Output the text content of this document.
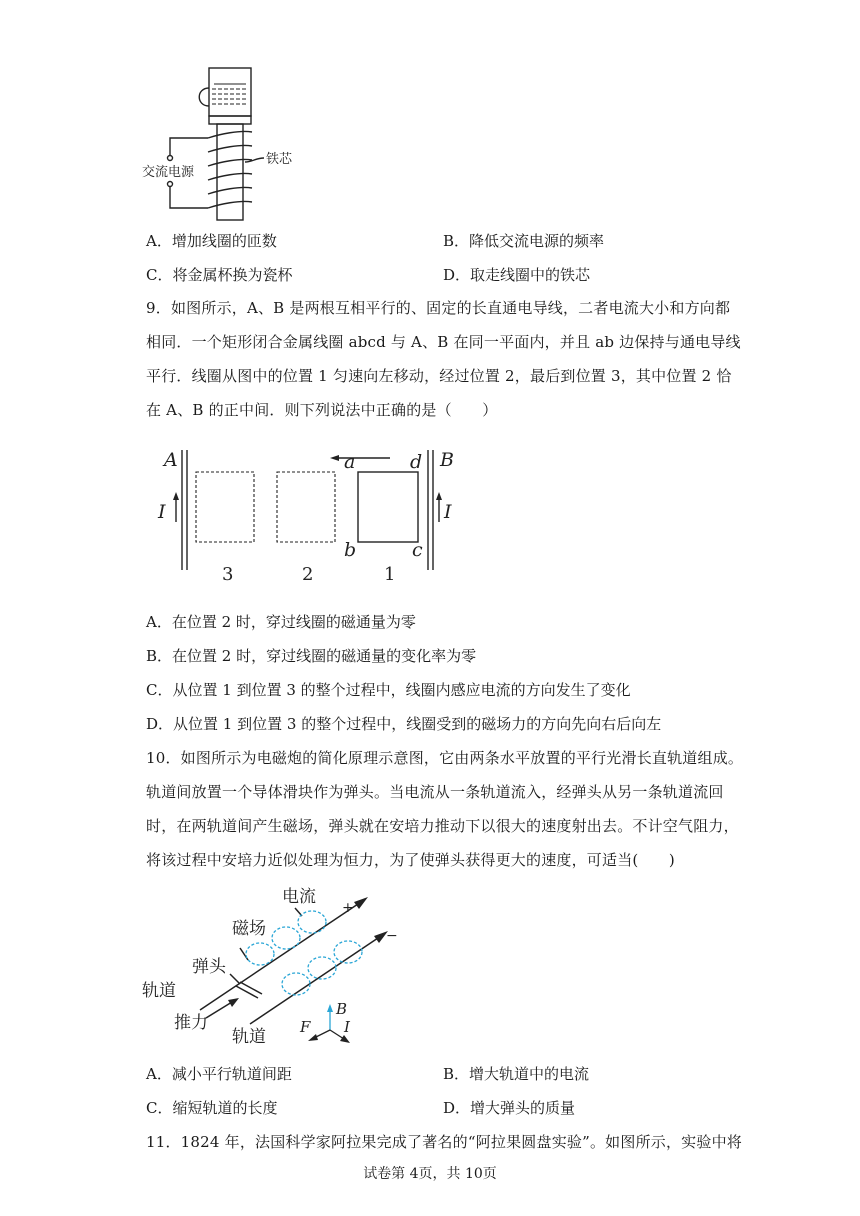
交流电源
铁芯
A．增加线圈的匝数	B．降低交流电源的频率
C．将金属杯换为瓷杯	D．取走线圈中的铁芯
9．如图所示，A、B 是两根互相平行的、固定的长直通电导线，二者电流大小和方向都
相同．一个矩形闭合金属线圈 abcd 与 A、B 在同一平面内，并且 ab 边保持与通电导线
平行．线圈从图中的位置 1 匀速向左移动，经过位置 2，最后到位置 3，其中位置 2 恰
在 A、B 的正中间．则下列说法中正确的是（　　）
A	B
I	I
a
b	c
d
3	2	1
A．在位置 2 时，穿过线圈的磁通量为零
B．在位置 2 时，穿过线圈的磁通量的变化率为零
C．从位置 1 到位置 3 的整个过程中，线圈内感应电流的方向发生了变化
D．从位置 1 到位置 3 的整个过程中，线圈受到的磁场力的方向先向右后向左
10．如图所示为电磁炮的简化原理示意图，它由两条水平放置的平行光滑长直轨道组成。
轨道间放置一个导体滑块作为弹头。当电流从一条轨道流入，经弹头从另一条轨道流回
时，在两轨道间产生磁场，弹头就在安培力推动下以很大的速度射出去。不计空气阻力，
将该过程中安培力近似处理为恒力，为了使弹头获得更大的速度，可适当(　　)
电流
磁场
弹头
轨道
推力
轨道
+
−
B
F I
A．减小平行轨道间距	B．增大轨道中的电流
C．缩短轨道的长度	D．增大弹头的质量
11．1824 年，法国科学家阿拉果完成了著名的“阿拉果圆盘实验”。如图所示，实验中将
试卷第 4页，共 10页
